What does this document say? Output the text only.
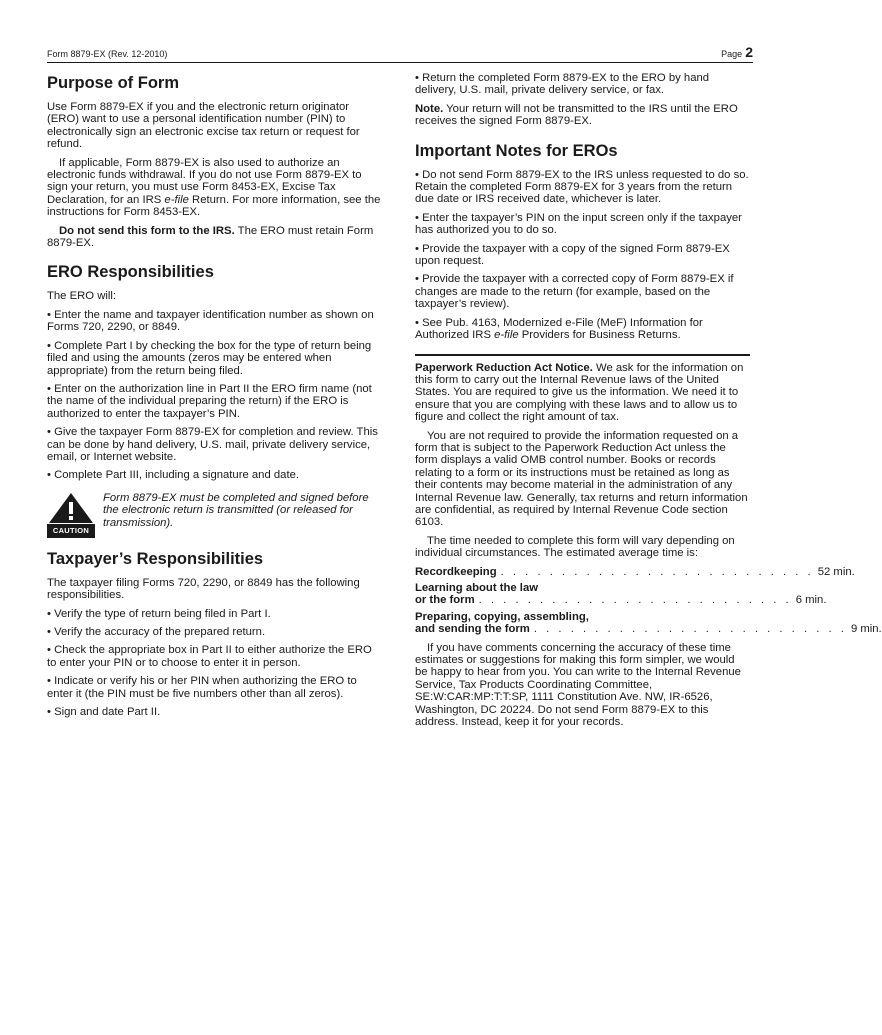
Form 8879-EX (Rev. 12-2010)	Page 2
Purpose of Form

Use Form 8879-EX if you and the electronic return originator (ERO) want to use a personal identification number (PIN) to electronically sign an electronic excise tax return or request for refund.

If applicable, Form 8879-EX is also used to authorize an electronic funds withdrawal. If you do not use Form 8879-EX to sign your return, you must use Form 8453-EX, Excise Tax Declaration, for an IRS e-file Return. For more information, see the instructions for Form 8453-EX.

Do not send this form to the IRS. The ERO must retain Form 8879-EX.

ERO Responsibilities

The ERO will:

• Enter the name and taxpayer identification number as shown on Forms 720, 2290, or 8849.

• Complete Part I by checking the box for the type of return being filed and using the amounts (zeros may be entered when appropriate) from the return being filed.

• Enter on the authorization line in Part II the ERO firm name (not the name of the individual preparing the return) if the ERO is authorized to enter the taxpayer’s PIN.

• Give the taxpayer Form 8879-EX for completion and review. This can be done by hand delivery, U.S. mail, private delivery service, email, or Internet website.

• Complete Part III, including a signature and date.

CAUTION
Form 8879-EX must be completed and signed before the electronic return is transmitted (or released for transmission).
Taxpayer’s Responsibilities

The taxpayer filing Forms 720, 2290, or 8849 has the following responsibilities.

• Verify the type of return being filed in Part I.

• Verify the accuracy of the prepared return.

• Check the appropriate box in Part II to either authorize the ERO to enter your PIN or to choose to enter it in person.

• Indicate or verify his or her PIN when authorizing the ERO to enter it (the PIN must be five numbers other than all zeros).

• Sign and date Part II.

• Return the completed Form 8879-EX to the ERO by hand delivery, U.S. mail, private delivery service, or fax.

Note. Your return will not be transmitted to the IRS until the ERO receives the signed Form 8879-EX.

Important Notes for EROs

• Do not send Form 8879-EX to the IRS unless requested to do so. Retain the completed Form 8879-EX for 3 years from the return due date or IRS received date, whichever is later.

• Enter the taxpayer’s PIN on the input screen only if the taxpayer has authorized you to do so.

• Provide the taxpayer with a copy of the signed Form 8879-EX upon request.

• Provide the taxpayer with a corrected copy of Form 8879-EX if changes are made to the return (for example, based on the taxpayer’s review).

• See Pub. 4163, Modernized e-File (MeF) Information for Authorized IRS e-file Providers for Business Returns.

Paperwork Reduction Act Notice. We ask for the information on this form to carry out the Internal Revenue laws of the United States. You are required to give us the information. We need it to ensure that you are complying with these laws and to allow us to figure and collect the right amount of tax.

You are not required to provide the information requested on a form that is subject to the Paperwork Reduction Act unless the form displays a valid OMB control number. Books or records relating to a form or its instructions must be retained as long as their contents may become material in the administration of any Internal Revenue law. Generally, tax returns and return information are confidential, as required by Internal Revenue Code section 6103.

The time needed to complete this form will vary depending on individual circumstances. The estimated average time is:

Recordkeeping . . . . . . . . . . . . . . . . . . . . . . . . . . 52 min.
Learning about the law
or the form . . . . . . . . . . . . . . . . . . . . . . . . . . 6 min.
Preparing, copying, assembling,
and sending the form . . . . . . . . . . . . . . . . . . . . . . . . . . 9 min.

If you have comments concerning the accuracy of these time estimates or suggestions for making this form simpler, we would be happy to hear from you. You can write to the Internal Revenue Service, Tax Products Coordinating Committee, SE:W:CAR:MP:T:T:SP, 1111 Constitution Ave. NW, IR-6526, Washington, DC 20224. Do not send Form 8879-EX to this address. Instead, keep it for your records.
